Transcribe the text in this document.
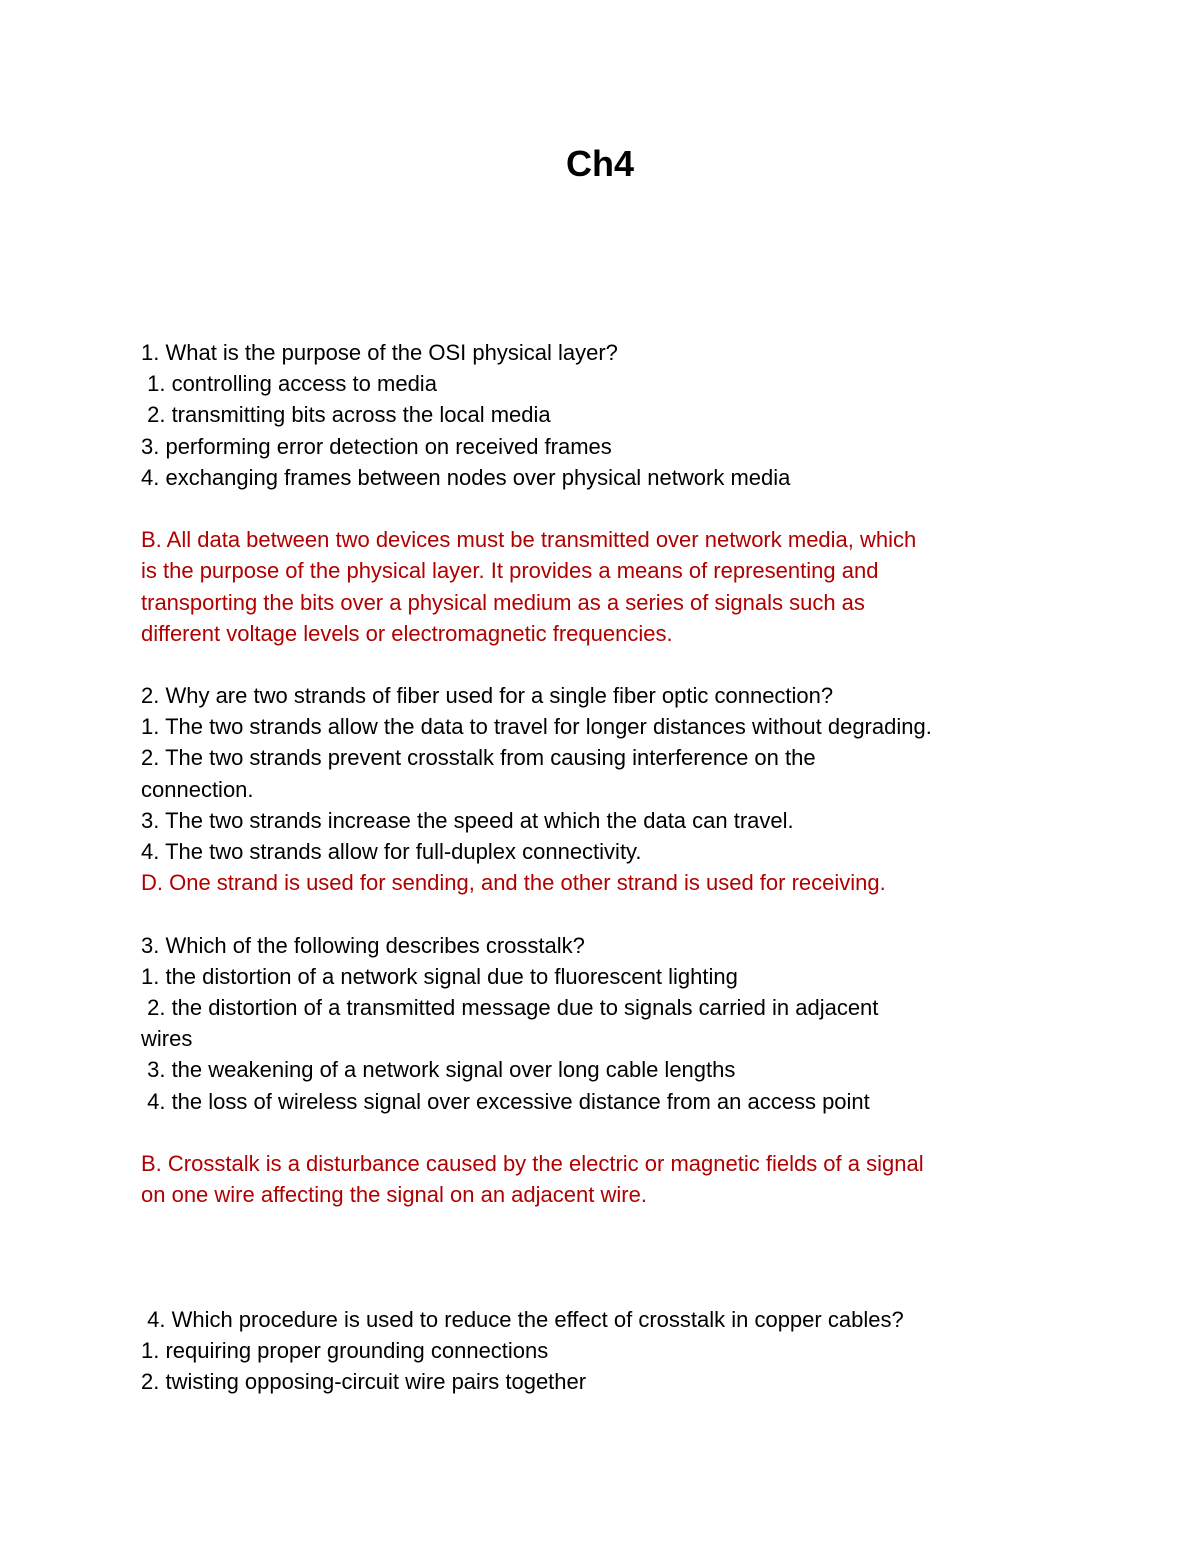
Ch4
1. What is the purpose of the OSI physical layer?
1. controlling access to media
2. transmitting bits across the local media
3. performing error detection on received frames
4. exchanging frames between nodes over physical network media
B. All data between two devices must be transmitted over network media, which
is the purpose of the physical layer. It provides a means of representing and
transporting the bits over a physical medium as a series of signals such as
different voltage levels or electromagnetic frequencies.
2. Why are two strands of fiber used for a single fiber optic connection?
1. The two strands allow the data to travel for longer distances without degrading.
2. The two strands prevent crosstalk from causing interference on the
connection.
3. The two strands increase the speed at which the data can travel.
4. The two strands allow for full-duplex connectivity.
D. One strand is used for sending, and the other strand is used for receiving.
3. Which of the following describes crosstalk?
1. the distortion of a network signal due to fluorescent lighting
2. the distortion of a transmitted message due to signals carried in adjacent
wires
3. the weakening of a network signal over long cable lengths
4. the loss of wireless signal over excessive distance from an access point
B. Crosstalk is a disturbance caused by the electric or magnetic fields of a signal
on one wire affecting the signal on an adjacent wire.
4. Which procedure is used to reduce the effect of crosstalk in copper cables?
1. requiring proper grounding connections
2. twisting opposing-circuit wire pairs together
